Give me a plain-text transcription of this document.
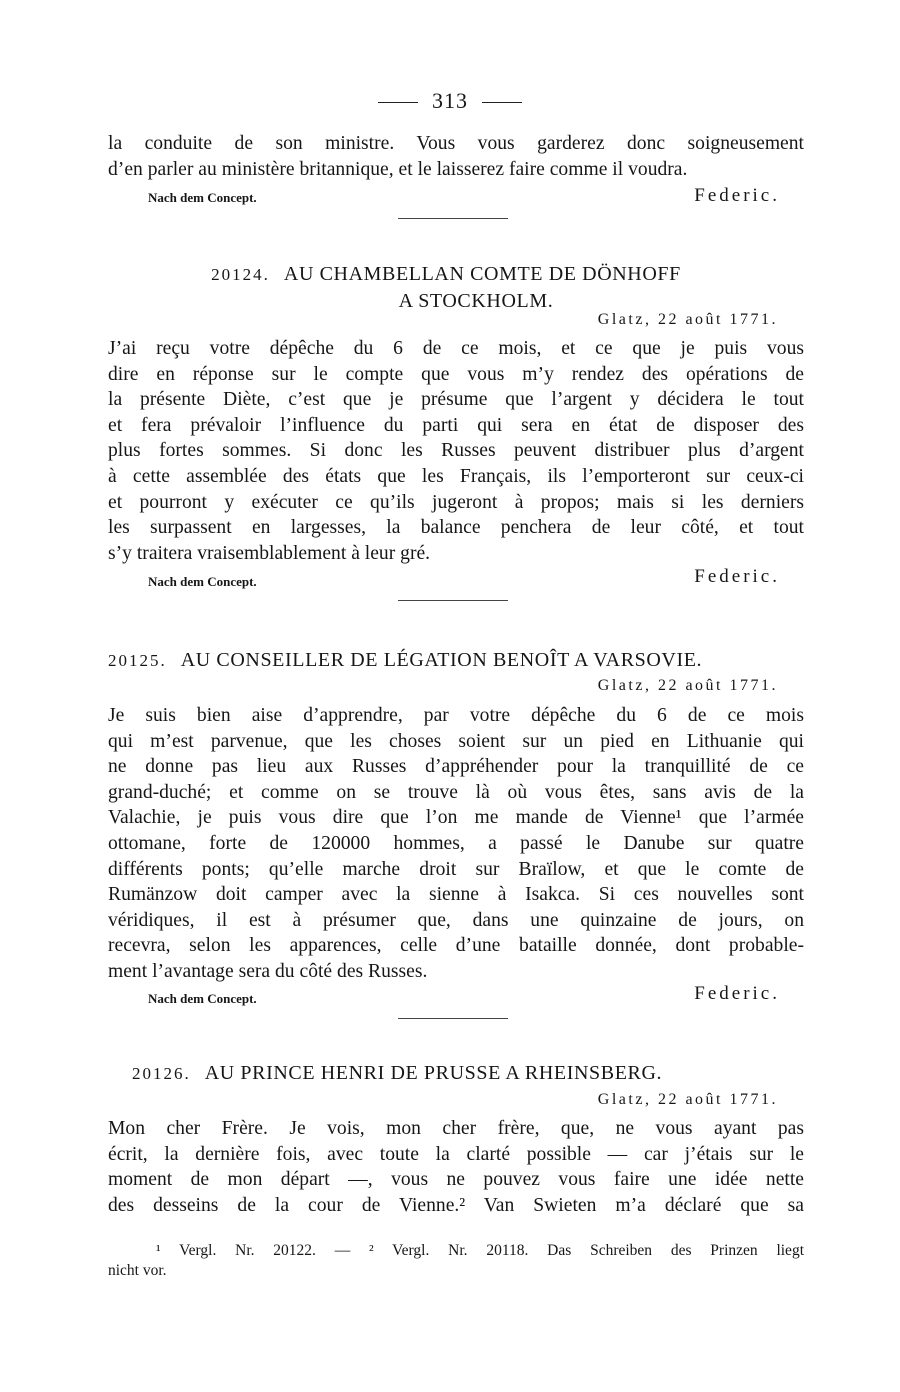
313
la conduite de son ministre. Vous vous garderez donc soigneusement
d’en parler au ministère britannique, et le laisserez faire comme il voudra.
Nach dem Concept.	Federic.
20124. AU CHAMBELLAN COMTE DE DÖNHOFF
A STOCKHOLM.
Glatz, 22 août 1771.
J’ai reçu votre dépêche du 6 de ce mois, et ce que je puis vous
dire en réponse sur le compte que vous m’y rendez des opérations de
la présente Diète, c’est que je présume que l’argent y décidera le tout
et fera prévaloir l’influence du parti qui sera en état de disposer des
plus fortes sommes. Si donc les Russes peuvent distribuer plus d’argent
à cette assemblée des états que les Français, ils l’emporteront sur ceux-ci
et pourront y exécuter ce qu’ils jugeront à propos; mais si les derniers
les surpassent en largesses, la balance penchera de leur côté, et tout
s’y traitera vraisemblablement à leur gré.
Nach dem Concept.	Federic.
20125. AU CONSEILLER DE LÉGATION BENOÎT A VARSOVIE.
Glatz, 22 août 1771.
Je suis bien aise d’apprendre, par votre dépêche du 6 de ce mois
qui m’est parvenue, que les choses soient sur un pied en Lithuanie qui
ne donne pas lieu aux Russes d’appréhender pour la tranquillité de ce
grand-duché; et comme on se trouve là où vous êtes, sans avis de la
Valachie, je puis vous dire que l’on me mande de Vienne¹ que l’armée
ottomane, forte de 120000 hommes, a passé le Danube sur quatre
différents ponts; qu’elle marche droit sur Braïlow, et que le comte de
Rumänzow doit camper avec la sienne à Isakca. Si ces nouvelles sont
véridiques, il est à présumer que, dans une quinzaine de jours, on
recevra, selon les apparences, celle d’une bataille donnée, dont probable-
ment l’avantage sera du côté des Russes.
Nach dem Concept.	Federic.
20126. AU PRINCE HENRI DE PRUSSE A RHEINSBERG.
Glatz, 22 août 1771.
Mon cher Frère. Je vois, mon cher frère, que, ne vous ayant pas
écrit, la dernière fois, avec toute la clarté possible — car j’étais sur le
moment de mon départ —, vous ne pouvez vous faire une idée nette
des desseins de la cour de Vienne.² Van Swieten m’a déclaré que sa
¹ Vergl. Nr. 20122. — ² Vergl. Nr. 20118. Das Schreiben des Prinzen liegt
nicht vor.
